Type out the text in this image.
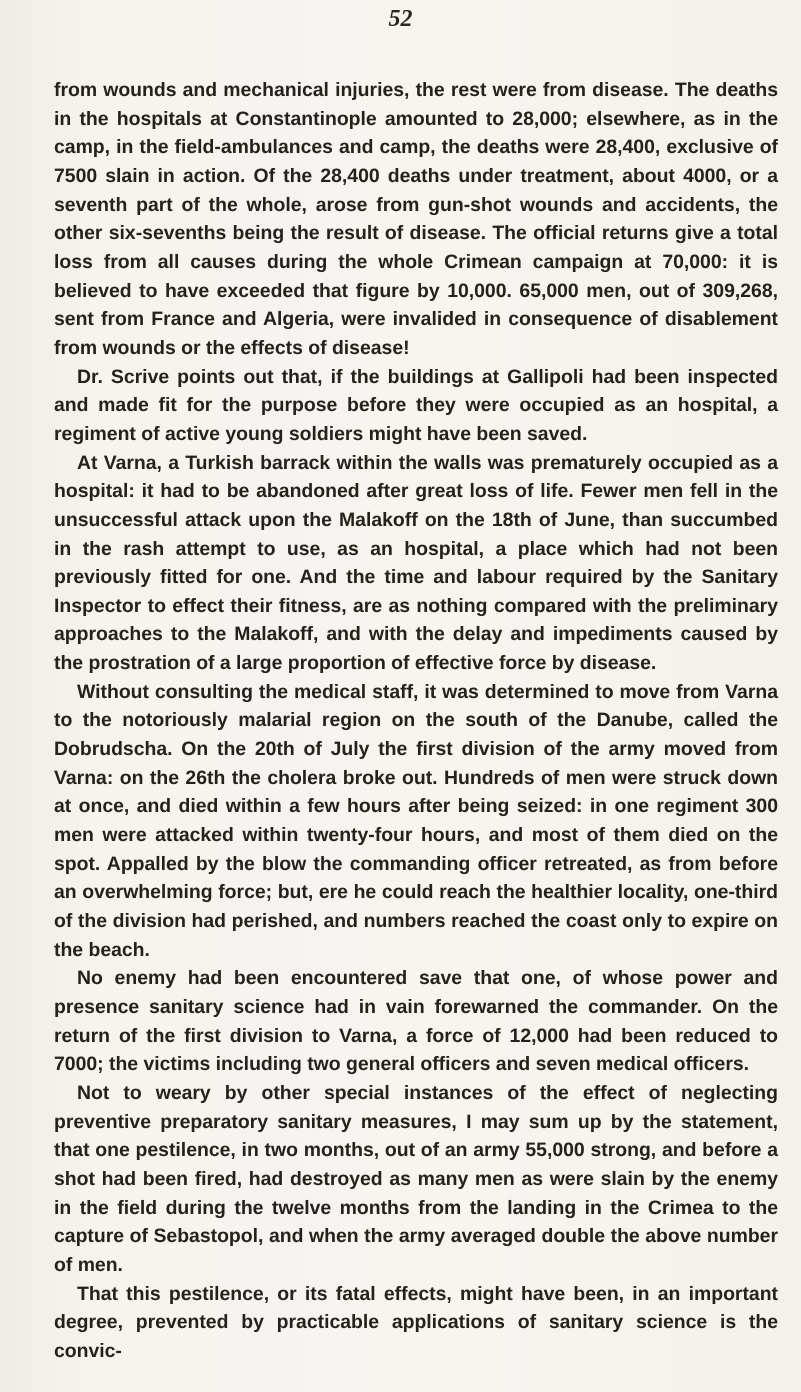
52

from wounds and mechanical injuries, the rest were from disease. The deaths in the hospitals at Constantinople amounted to 28,000; elsewhere, as in the camp, in the field-ambulances and camp, the deaths were 28,400, exclusive of 7500 slain in action. Of the 28,400 deaths under treatment, about 4000, or a seventh part of the whole, arose from gun-shot wounds and accidents, the other six-sevenths being the result of disease. The official returns give a total loss from all causes during the whole Crimean campaign at 70,000: it is believed to have exceeded that figure by 10,000. 65,000 men, out of 309,268, sent from France and Algeria, were invalided in consequence of disablement from wounds or the effects of disease!

Dr. Scrive points out that, if the buildings at Gallipoli had been inspected and made fit for the purpose before they were occupied as an hospital, a regiment of active young soldiers might have been saved.

At Varna, a Turkish barrack within the walls was prematurely occupied as a hospital: it had to be abandoned after great loss of life. Fewer men fell in the unsuccessful attack upon the Malakoff on the 18th of June, than succumbed in the rash attempt to use, as an hospital, a place which had not been previously fitted for one. And the time and labour required by the Sanitary Inspector to effect their fitness, are as nothing compared with the preliminary approaches to the Malakoff, and with the delay and impediments caused by the prostration of a large proportion of effective force by disease.

Without consulting the medical staff, it was determined to move from Varna to the notoriously malarial region on the south of the Danube, called the Dobrudscha. On the 20th of July the first division of the army moved from Varna: on the 26th the cholera broke out. Hundreds of men were struck down at once, and died within a few hours after being seized: in one regiment 300 men were attacked within twenty-four hours, and most of them died on the spot. Appalled by the blow the commanding officer retreated, as from before an overwhelming force; but, ere he could reach the healthier locality, one-third of the division had perished, and numbers reached the coast only to expire on the beach.

No enemy had been encountered save that one, of whose power and presence sanitary science had in vain forewarned the commander. On the return of the first division to Varna, a force of 12,000 had been reduced to 7000; the victims including two general officers and seven medical officers.

Not to weary by other special instances of the effect of neglecting preventive preparatory sanitary measures, I may sum up by the statement, that one pestilence, in two months, out of an army 55,000 strong, and before a shot had been fired, had destroyed as many men as were slain by the enemy in the field during the twelve months from the landing in the Crimea to the capture of Sebastopol, and when the army averaged double the above number of men.

That this pestilence, or its fatal effects, might have been, in an important degree, prevented by practicable applications of sanitary science is the convic-
